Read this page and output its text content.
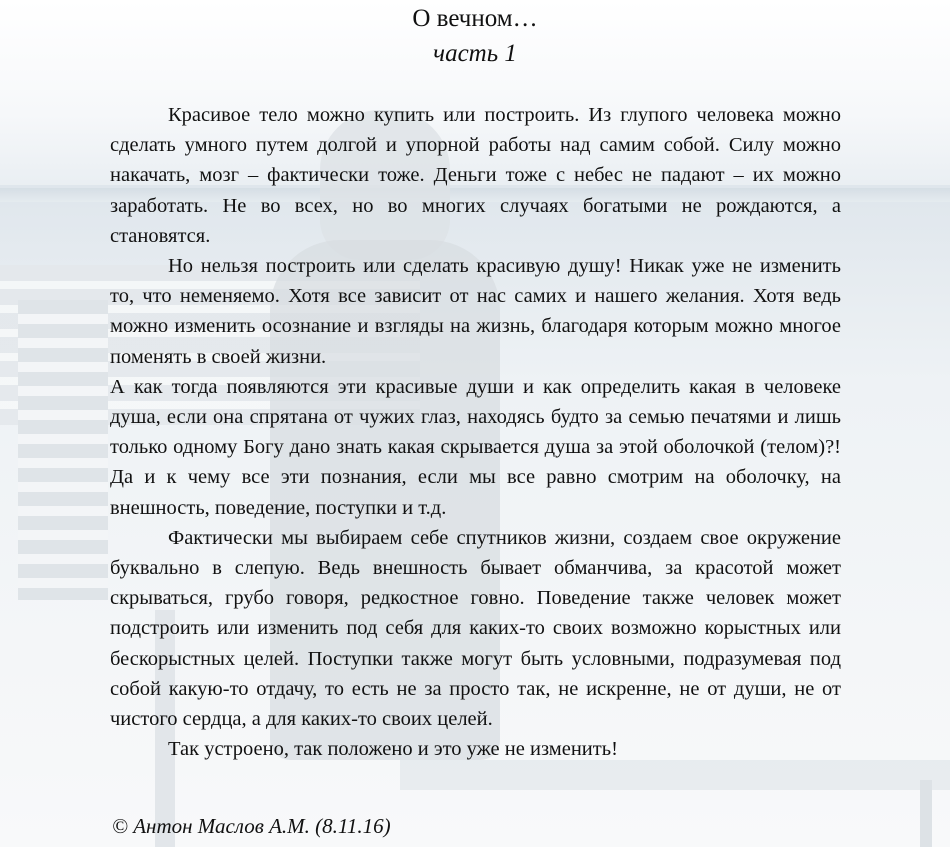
О вечном…
часть 1

Красивое тело можно купить или построить. Из глупого человека можно сделать умного путем долгой и упорной работы над самим собой. Силу можно накачать, мозг – фактически тоже. Деньги тоже с небес не падают – их можно заработать. Не во всех, но во многих случаях богатыми не рождаются, а становятся.

Но нельзя построить или сделать красивую душу! Никак уже не изменить то, что неменяемо. Хотя все зависит от нас самих и нашего желания. Хотя ведь можно изменить осознание и взгляды на жизнь, благодаря которым можно многое поменять в своей жизни.

А как тогда появляются эти красивые души и как определить какая в человеке душа, если она спрятана от чужих глаз, находясь будто за семью печатями и лишь только одному Богу дано знать какая скрывается душа за этой оболочкой (телом)?! Да и к чему все эти познания, если мы все равно смотрим на оболочку, на внешность, поведение, поступки и т.д.

Фактически мы выбираем себе спутников жизни, создаем свое окружение буквально в слепую. Ведь внешность бывает обманчива, за красотой может скрываться, грубо говоря, редкостное говно. Поведение также человек может подстроить или изменить под себя для каких-то своих возможно корыстных или бескорыстных целей. Поступки также могут быть условными, подразумевая под собой какую-то отдачу, то есть не за просто так, не искренне, не от души, не от чистого сердца, а для каких-то своих целей.

Так устроено, так положено и это уже не изменить!

© Антон Маслов А.М. (8.11.16)
